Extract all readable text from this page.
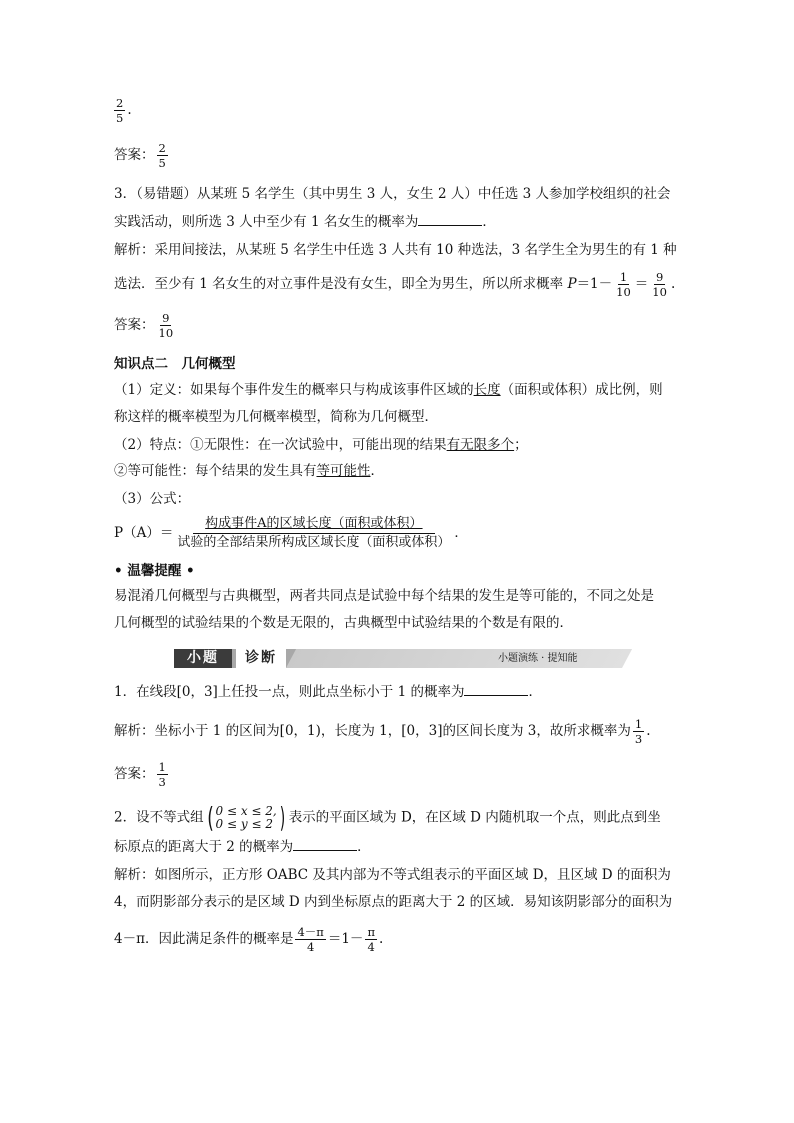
$\frac{2}{5}$ .
答案： $\frac{2}{5}$
3．（易错题）从某班 5 名学生（其中男生 3 人，女生 2 人）中任选 3 人参加学校组织的社会
实践活动，则所选 3 人中至少有 1 名女生的概率为	．
解析：采用间接法，从某班 5 名学生中任选 3 人共有 10 种选法，3 名学生全为男生的有 1 种
选法．至少有 1 名女生的对立事件是没有女生，即全为男生，所以所求概率 $P=1- \frac{1}{10} = \frac{9}{10}$ .
答案： $\frac{9}{10}$
知识点二　几何概型
（1）定义：如果每个事件发生的概率只与构成该事件区域的长度（面积或体积）成比例，则
称这样的概率模型为几何概率模型，简称为几何概型．
（2）特点：①无限性：在一次试验中，可能出现的结果有无限多个；
②等可能性：每个结果的发生具有等可能性．
（3）公式：
P（A）＝
构成事件A的区域长度（面积或体积）
试验的全部结果所构成区域长度（面积或体积）
．
• 温馨提醒 •
易混淆几何概型与古典概型，两者共同点是试验中每个结果的发生是等可能的，不同之处是
几何概型的试验结果的个数是无限的，古典概型中试验结果的个数是有限的．
小题	诊断	小题演练 · 提知能
1．在线段[0，3]上任投一点，则此点坐标小于 1 的概率为	．
解析：坐标小于 1 的区间为[0，1)，长度为 1，[0，3]的区间长度为 3，故所求概率为 $\frac{1}{3}$ .
答案： $\frac{1}{3}$
2．设不等式组 ( 0 ≤ x ≤ 2,
0 ≤ y ≤ 2 ) 表示的平面区域为 D，在区域 D 内随机取一个点，则此点到坐
标原点的距离大于 2 的概率为	．
解析：如图所示，正方形 OABC 及其内部为不等式组表示的平面区域 D，且区域 D 的面积为
4，而阴影部分表示的是区域 D 内到坐标原点的距离大于 2 的区域．易知该阴影部分的面积为
4－π．因此满足条件的概率是 $\frac{4-\pi}{4} =1- \frac{\pi}{4}$ .
